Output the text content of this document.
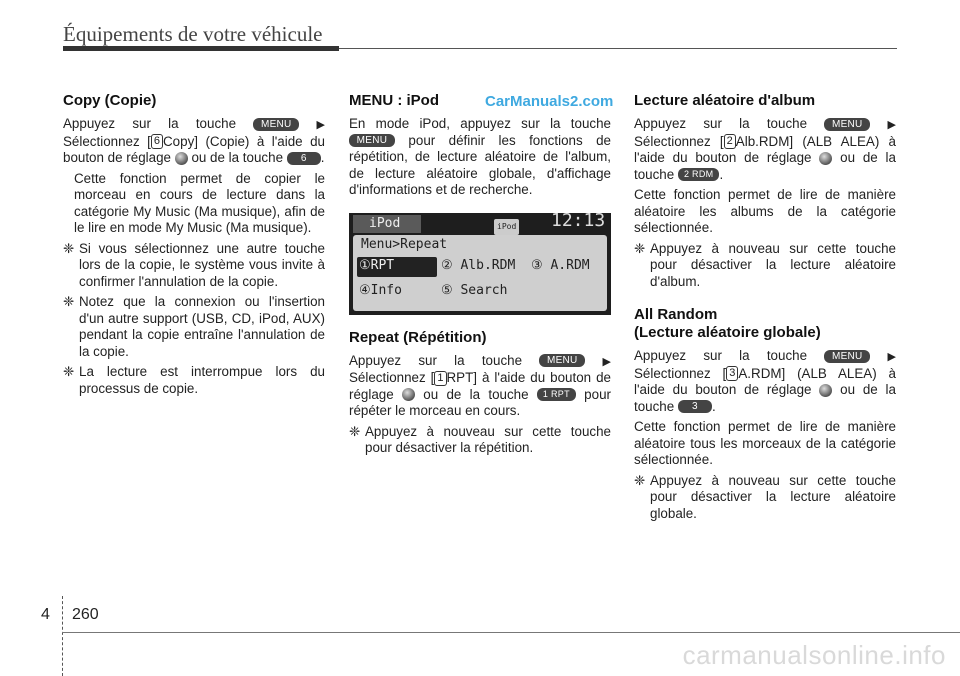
Équipements de votre véhicule
CarManuals2.com
Copy (Copie)

Appuyez sur la touche MENU ▶ Sélectionnez [ 6 Copy] (Copie) à l'aide du bouton de réglage ou de la touche 6 .

Cette fonction permet de copier le morceau en cours de lecture dans la catégorie My Music (Ma musique), afin de le lire en mode My Music (Ma musique).

❈ Si vous sélectionnez une autre touche lors de la copie, le système vous invite à confirmer l'annulation de la copie.

❈ Notez que la connexion ou l'insertion d'un autre support (USB, CD, iPod, AUX) pendant la copie entraîne l'annulation de la copie.

❈ La lecture est interrompue lors du processus de copie.

MENU : iPod

En mode iPod, appuyez sur la touche MENU pour définir les fonctions de répétition, de lecture aléatoire de l'album, de lecture aléatoire globale, d'affichage d'informations et de recherche.

iPod	iPod 12:13
Menu>Repeat
①RPT	② Alb.RDM ③ A.RDM
④Info	⑤ Search
Repeat (Répétition)

Appuyez sur la touche MENU ▶ Sélectionnez [ 1 RPT] à l'aide du bouton de réglage ou de la touche 1 RPT pour répéter le morceau en cours.

❈ Appuyez à nouveau sur cette touche pour désactiver la répétition.

Lecture aléatoire d'album

Appuyez sur la touche MENU ▶ Sélectionnez [ 2 Alb.RDM] (ALB ALEA) à l'aide du bouton de réglage ou de la touche 2 RDM .

Cette fonction permet de lire de manière aléatoire les albums de la catégorie sélectionnée.

❈ Appuyez à nouveau sur cette touche pour désactiver la lecture aléatoire d'album.

All Random
(Lecture aléatoire globale)

Appuyez sur la touche MENU ▶ Sélectionnez [ 3 A.RDM] (ALB ALEA) à l'aide du bouton de réglage ou de la touche 3 .

Cette fonction permet de lire de manière aléatoire tous les morceaux de la catégorie sélectionnée.

❈ Appuyez à nouveau sur cette touche pour désactiver la lecture aléatoire globale.

4 260
carmanualsonline.info
